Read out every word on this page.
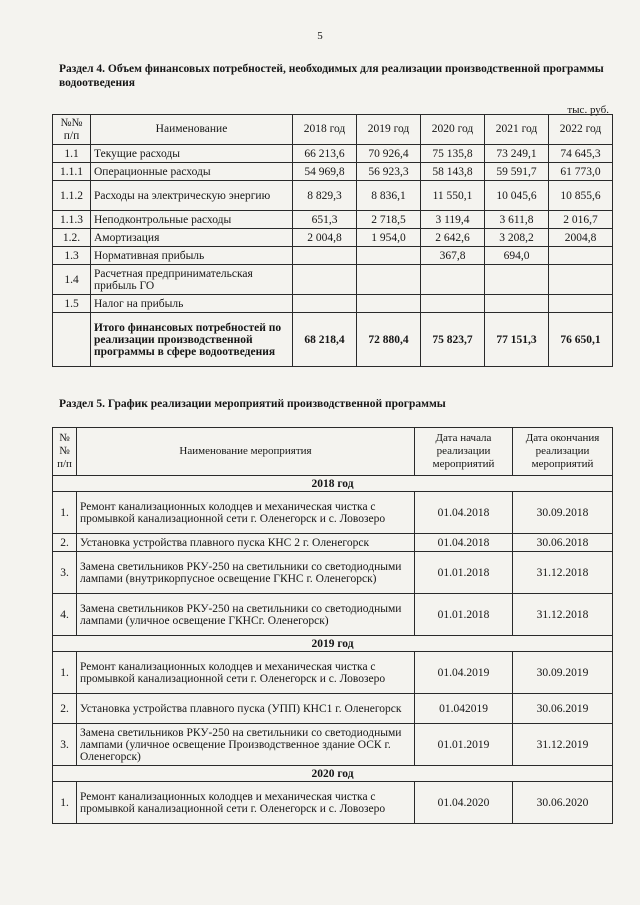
5
Раздел 4. Объем финансовых потребностей, необходимых для реализации производственной программы водоотведения
тыс. руб.
№№ п/п	Наименование	2018 год	2019 год	2020 год	2021 год	2022 год
1.1	Текущие расходы	66 213,6	70 926,4	75 135,8	73 249,1	74 645,3
1.1.1	Операционные расходы	54 969,8	56 923,3	58 143,8	59 591,7	61 773,0
1.1.2	Расходы на электрическую энергию	8 829,3	8 836,1	11 550,1	10 045,6	10 855,6
1.1.3	Неподконтрольные расходы	651,3	2 718,5	3 119,4	3 611,8	2 016,7
1.2.	Амортизация	2 004,8	1 954,0	2 642,6	3 208,2	2004,8
1.3	Нормативная прибыль			367,8	694,0	
1.4	Расчетная предпринимательская прибыль ГО					
1.5	Налог на прибыль					
	Итого финансовых потребностей по реализации производственной программы в сфере водоотведения	68 218,4	72 880,4	75 823,7	77 151,3	76 650,1
Раздел 5. График реализации мероприятий производственной программы
№№ п/п	Наименование мероприятия	Дата начала реализации мероприятий	Дата окончания реализации мероприятий
2018 год			
1.	Ремонт канализационных колодцев и механическая чистка с промывкой канализационной сети г. Оленегорск и с. Ловозеро	01.04.2018	30.09.2018
2.	Установка устройства плавного пуска КНС 2 г. Оленегорск	01.04.2018	30.06.2018
3.	Замена светильников РКУ-250 на светильники со светодиодными лампами (внутрикорпусное освещение ГКНС г. Оленегорск)	01.01.2018	31.12.2018
4.	Замена светильников РКУ-250 на светильники со светодиодными лампами (уличное освещение ГКНСг. Оленегорск)	01.01.2018	31.12.2018
2019 год			
1.	Ремонт канализационных колодцев и механическая чистка с промывкой канализационной сети г. Оленегорск и с. Ловозеро	01.04.2019	30.09.2019
2.	Установка устройства плавного пуска (УПП) КНС1 г. Оленегорск	01.042019	30.06.2019
3.	Замена светильников РКУ-250 на светильники со светодиодными лампами (уличное освещение Производственное здание ОСК г. Оленегорск)	01.01.2019	31.12.2019
2020 год			
1.	Ремонт канализационных колодцев и механическая чистка с промывкой канализационной сети г. Оленегорск и с. Ловозеро	01.04.2020	30.06.2020
